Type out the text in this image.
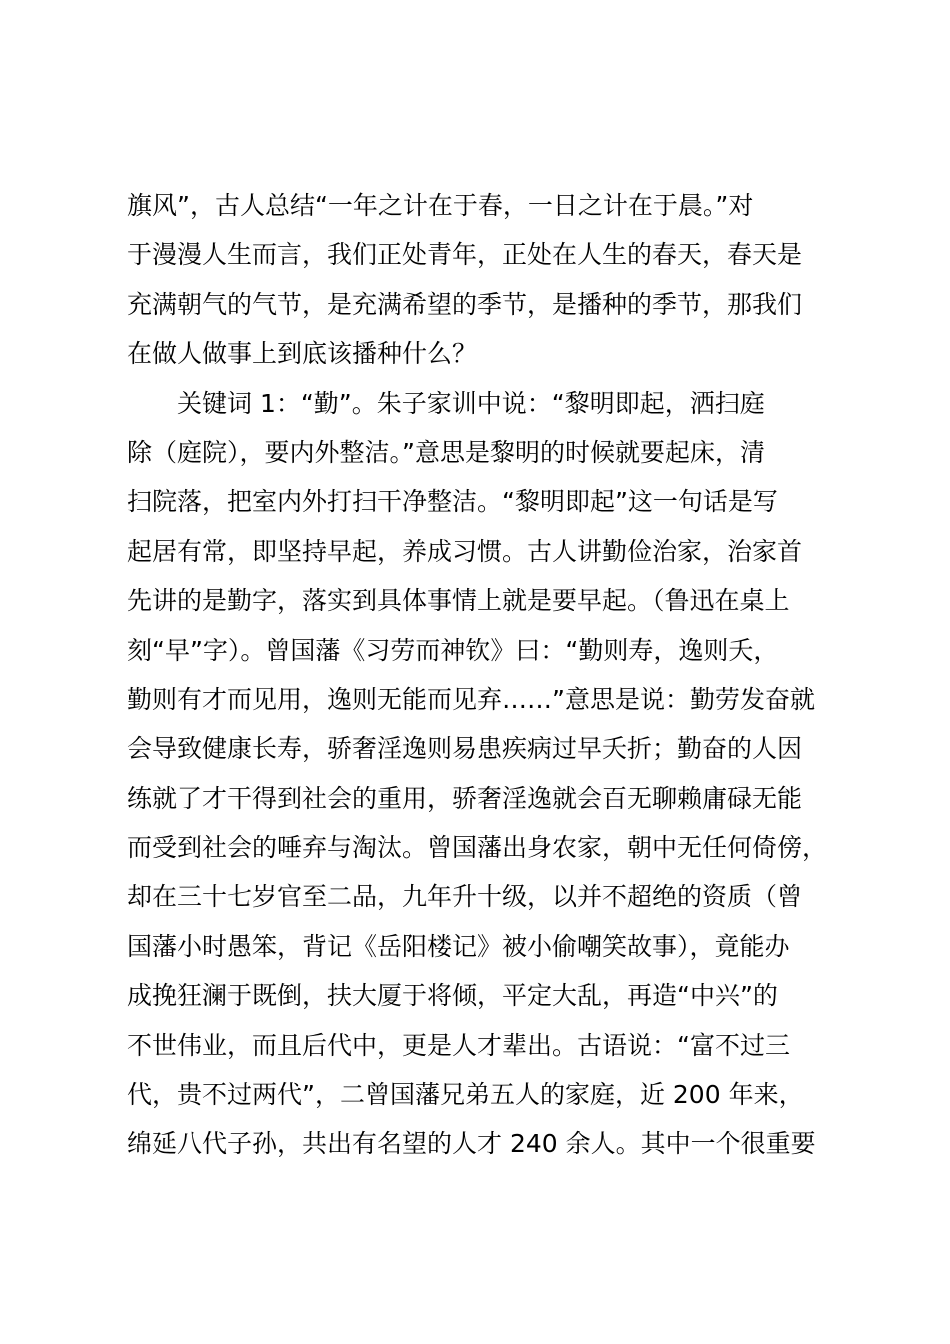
旗风”，古人总结“一年之计在于春，一日之计在于晨。”对
于漫漫人生而言，我们正处青年，正处在人生的春天，春天是
充满朝气的气节，是充满希望的季节，是播种的季节，那我们
在做人做事上到底该播种什么？
关键词 1：“勤”。朱子家训中说：“黎明即起，洒扫庭
除（庭院），要内外整洁。”意思是黎明的时候就要起床，清
扫院落，把室内外打扫干净整洁。“黎明即起”这一句话是写
起居有常，即坚持早起，养成习惯。古人讲勤俭治家，治家首
先讲的是勤字，落实到具体事情上就是要早起。（鲁迅在桌上
刻“早”字）。曾国藩《习劳而神钦》曰：“勤则寿，逸则夭，
勤则有才而见用，逸则无能而见弃……”意思是说：勤劳发奋就
会导致健康长寿，骄奢淫逸则易患疾病过早夭折；勤奋的人因
练就了才干得到社会的重用，骄奢淫逸就会百无聊赖庸碌无能
而受到社会的唾弃与淘汰。曾国藩出身农家，朝中无任何倚傍，
却在三十七岁官至二品，九年升十级，以并不超绝的资质（曾
国藩小时愚笨，背记《岳阳楼记》被小偷嘲笑故事），竟能办
成挽狂澜于既倒，扶大厦于将倾，平定大乱，再造“中兴”的
不世伟业，而且后代中，更是人才辈出。古语说：“富不过三
代，贵不过两代”，二曾国藩兄弟五人的家庭，近 200 年来，
绵延八代子孙，共出有名望的人才 240 余人。其中一个很重要
